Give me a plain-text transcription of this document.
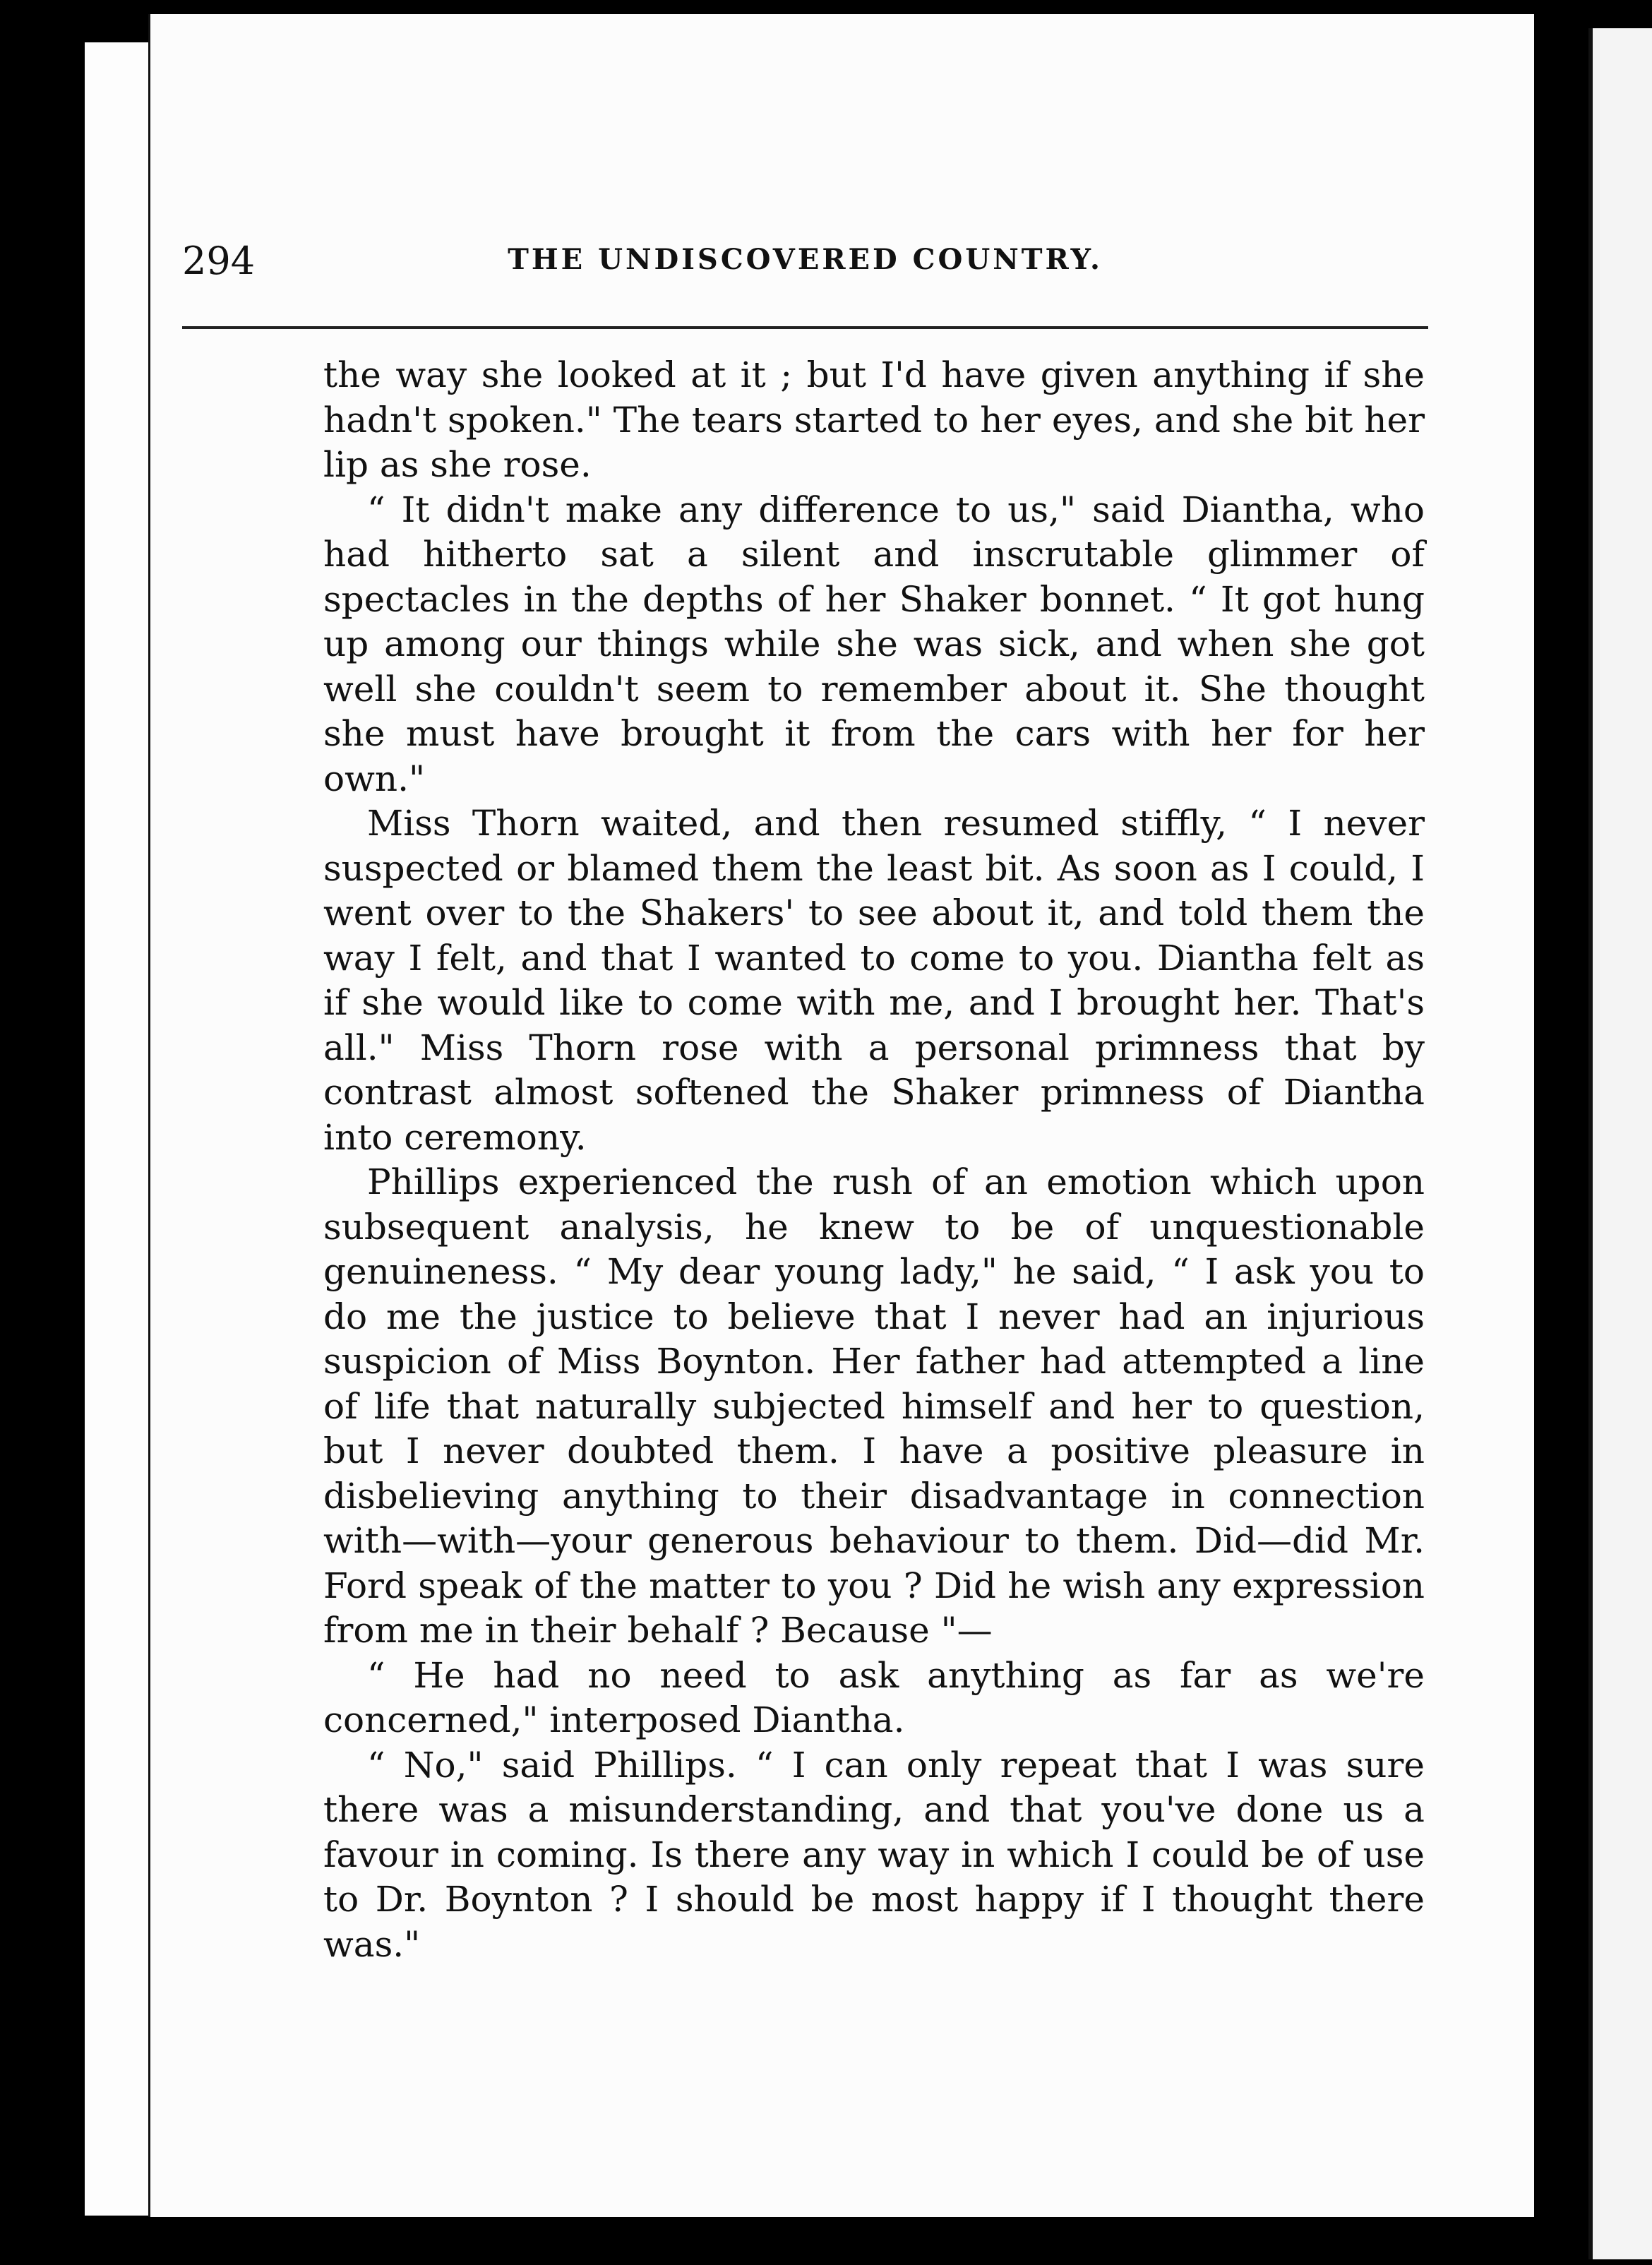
294	THE UNDISCOVERED COUNTRY.

the way she looked at it ; but I'd have given anything if she hadn't spoken." The tears started to her eyes, and she bit her lip as she rose.

“ It didn't make any difference to us," said Diantha, who had hitherto sat a silent and inscrutable glimmer of spectacles in the depths of her Shaker bonnet. “ It got hung up among our things while she was sick, and when she got well she couldn't seem to remember about it. She thought she must have brought it from the cars with her for her own."

Miss Thorn waited, and then resumed stiffly, “ I never suspected or blamed them the least bit. As soon as I could, I went over to the Shakers' to see about it, and told them the way I felt, and that I wanted to come to you. Diantha felt as if she would like to come with me, and I brought her. That's all." Miss Thorn rose with a personal primness that by contrast almost softened the Shaker primness of Diantha into ceremony.

Phillips experienced the rush of an emotion which upon subsequent analysis, he knew to be of unquestionable genuineness. “ My dear young lady," he said, “ I ask you to do me the justice to believe that I never had an injurious suspicion of Miss Boynton. Her father had attempted a line of life that naturally subjected himself and her to question, but I never doubted them. I have a positive pleasure in disbelieving anything to their disadvantage in connection with—with—your generous behaviour to them. Did—did Mr. Ford speak of the matter to you ? Did he wish any expression from me in their behalf ? Because "—

“ He had no need to ask anything as far as we're concerned," interposed Diantha.

“ No," said Phillips. “ I can only repeat that I was sure there was a misunderstanding, and that you've done us a favour in coming. Is there any way in which I could be of use to Dr. Boynton ? I should be most happy if I thought there was."
